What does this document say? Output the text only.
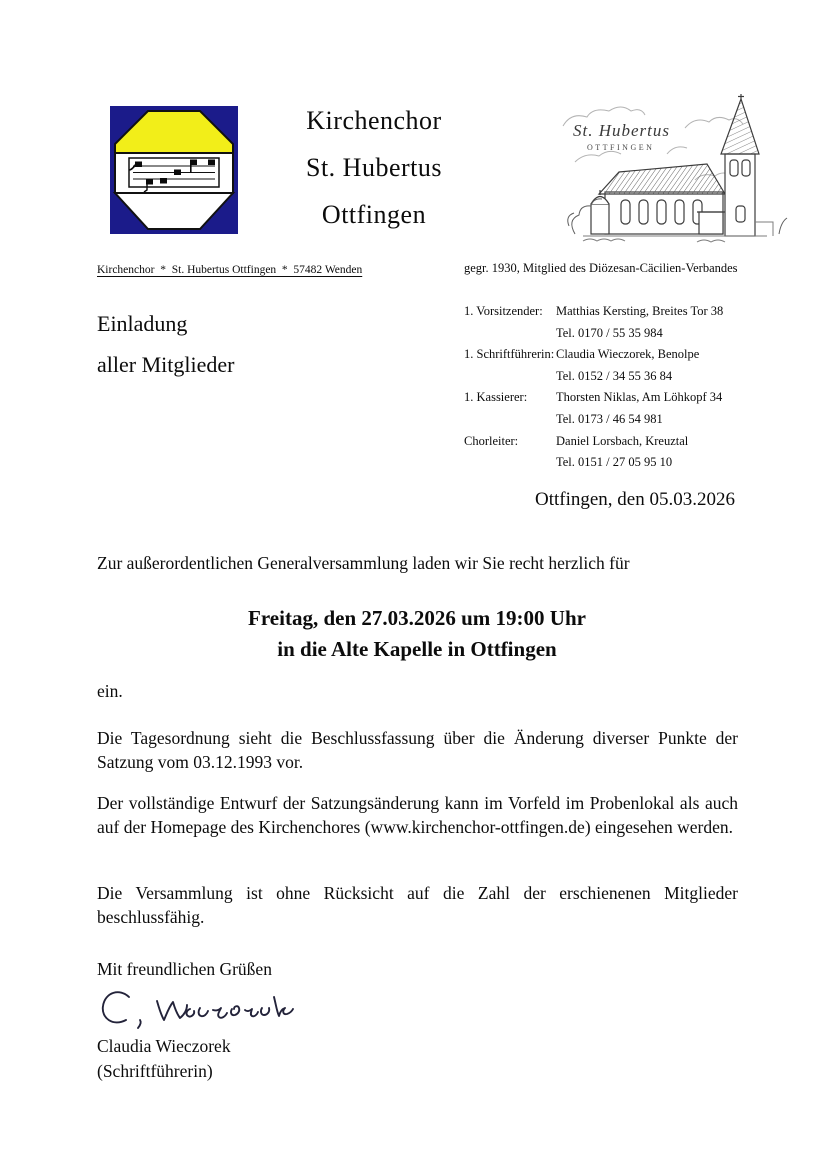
Kirchenchor
St. Hubertus
Ottfingen
St. Hubertus
OTTFINGEN
Kirchenchor  *  St. Hubertus Ottfingen  *  57482 Wenden	gegr. 1930, Mitglied des Diözesan-Cäcilien-Verbandes
Einladung
aller Mitglieder
1. Vorsitzender:	Matthias Kersting, Breites Tor 38
Tel. 0170 / 55 35 984
1. Schriftführerin: Claudia Wieczorek, Benolpe
Tel. 0152 / 34 55 36 84
1. Kassierer:	Thorsten Niklas, Am Löhkopf 34
Tel. 0173 / 46 54 981
Chorleiter:	Daniel Lorsbach, Kreuztal
Tel. 0151 / 27 05 95 10
Ottfingen, den 05.03.2026
Zur außerordentlichen Generalversammlung laden wir Sie recht herzlich für
Freitag, den 27.03.2026 um 19:00 Uhr
in die Alte Kapelle in Ottfingen
ein.
Die Tagesordnung sieht die Beschlussfassung über die Änderung diverser Punkte der Satzung vom 03.12.1993 vor.
Der vollständige Entwurf der Satzungsänderung kann im Vorfeld im Probenlokal als auch auf der Homepage des Kirchenchores (www.kirchenchor-ottfingen.de) eingesehen werden.
Die Versammlung ist ohne Rücksicht auf die Zahl der erschienenen Mitglieder beschlussfähig.
Mit freundlichen Grüßen
Claudia Wieczorek
(Schriftführerin)
